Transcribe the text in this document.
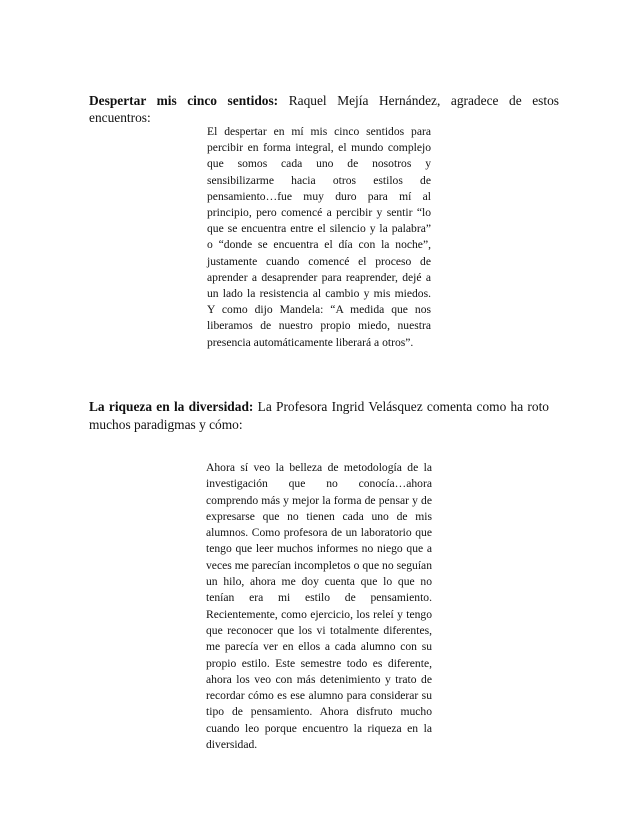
Despertar mis cinco sentidos: Raquel Mejía Hernández, agradece de estos encuentros:

El despertar en mí mis cinco sentidos para percibir en forma integral, el mundo complejo que somos cada uno de nosotros y sensibilizarme hacia otros estilos de pensamiento…fue muy duro para mí al principio, pero comencé a percibir y sentir “lo que se encuentra entre el silencio y la palabra” o “donde se encuentra el día con la noche”, justamente cuando comencé el proceso de aprender a desaprender para reaprender, dejé a un lado la resistencia al cambio y mis miedos. Y como dijo Mandela: “A medida que nos liberamos de nuestro propio miedo, nuestra presencia automáticamente liberará a otros”.

La riqueza en la diversidad: La Profesora Ingrid Velásquez comenta como ha roto muchos paradigmas y cómo:

Ahora sí veo la belleza de metodología de la investigación que no conocía…ahora comprendo más y mejor la forma de pensar y de expresarse que no tienen cada uno de mis alumnos. Como profesora de un laboratorio que tengo que leer muchos informes no niego que a veces me parecían incompletos o que no seguían un hilo, ahora me doy cuenta que lo que no tenían era mi estilo de pensamiento. Recientemente, como ejercicio, los releí y tengo que reconocer que los vi totalmente diferentes, me parecía ver en ellos a cada alumno con su propio estilo. Este semestre todo es diferente, ahora los veo con más detenimiento y trato de recordar cómo es ese alumno para considerar su tipo de pensamiento. Ahora disfruto mucho cuando leo porque encuentro la riqueza en la diversidad.
